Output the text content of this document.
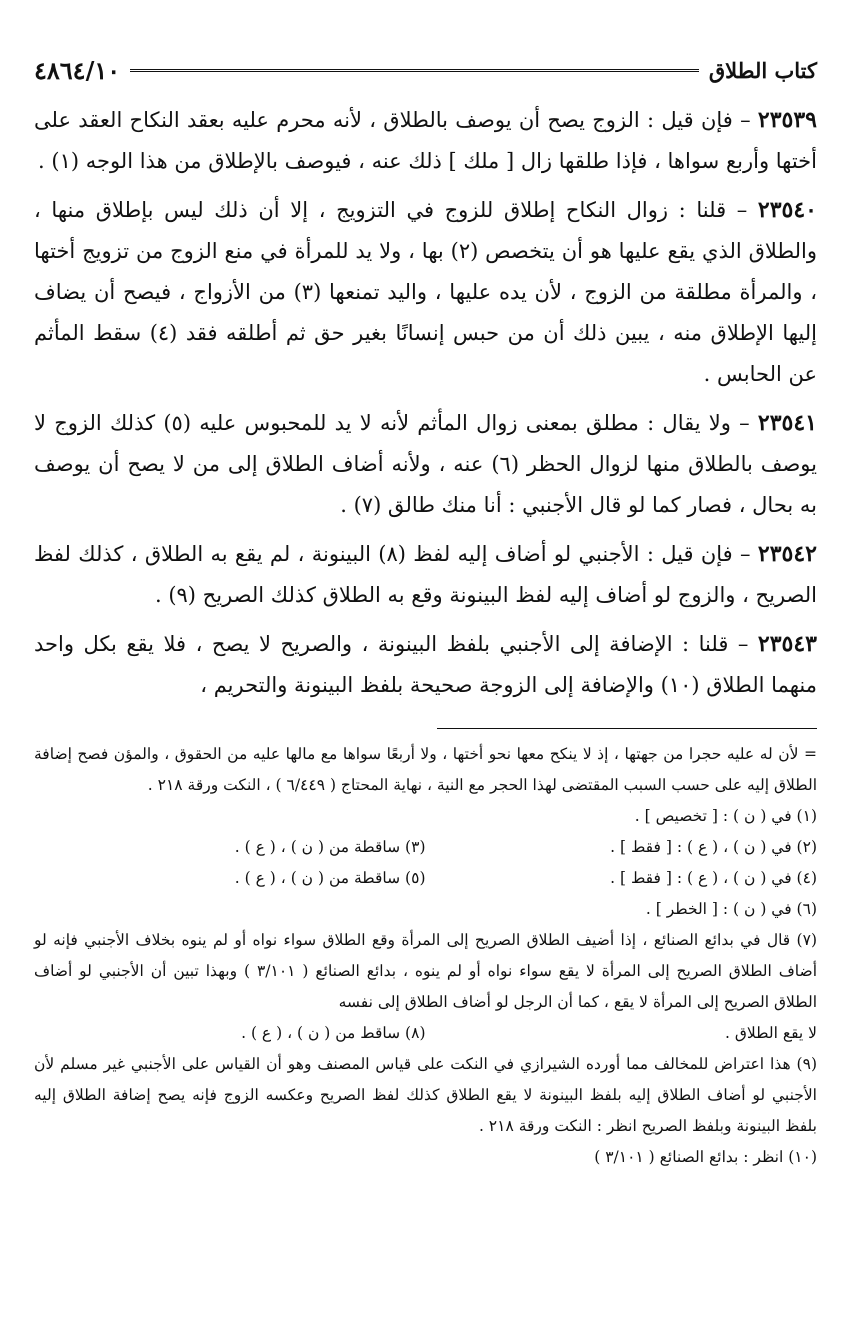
كتاب الطلاق
٤٨٦٤/١٠

٢٣٥٣٩ – فإن قيل : الزوج يصح أن يوصف بالطلاق ، لأنه محرم عليه بعقد النكاح العقد على أختها وأربع سواها ، فإذا طلقها زال [ ملك ] ذلك عنه ، فيوصف بالإطلاق من هذا الوجه (١) .

٢٣٥٤٠ – قلنا : زوال النكاح إطلاق للزوج في التزويج ، إلا أن ذلك ليس بإطلاق منها ، والطلاق الذي يقع عليها هو أن يتخصص (٢) بها ، ولا يد للمرأة في منع الزوج من تزويج أختها ، والمرأة مطلقة من الزوج ، لأن يده عليها ، واليد تمنعها (٣) من الأزواج ، فيصح أن يضاف إليها الإطلاق منه ، يبين ذلك أن من حبس إنسانًا بغير حق ثم أطلقه فقد (٤) سقط المأثم عن الحابس .

٢٣٥٤١ – ولا يقال : مطلق بمعنى زوال المأثم لأنه لا يد للمحبوس عليه (٥) كذلك الزوج لا يوصف بالطلاق منها لزوال الحظر (٦) عنه ، ولأنه أضاف الطلاق إلى من لا يصح أن يوصف به بحال ، فصار كما لو قال الأجنبي : أنا منك طالق (٧) .

٢٣٥٤٢ – فإن قيل : الأجنبي لو أضاف إليه لفظ (٨) البينونة ، لم يقع به الطلاق ، كذلك لفظ الصريح ، والزوج لو أضاف إليه لفظ البينونة وقع به الطلاق كذلك الصريح (٩) .

٢٣٥٤٣ – قلنا : الإضافة إلى الأجنبي بلفظ البينونة ، والصريح لا يصح ، فلا يقع بكل واحد منهما الطلاق (١٠) والإضافة إلى الزوجة صحيحة بلفظ البينونة والتحريم ،

= لأن له عليه حجرا من جهتها ، إذ لا ينكح معها نحو أختها ، ولا أربعًا سواها مع مالها عليه من الحقوق ، والمؤن فصح إضافة الطلاق إليه على حسب السبب المقتضى لهذا الحجر مع النية ، نهاية المحتاج ( ٦/٤٤٩ ) ، النكت ورقة ٢١٨ .

(١) في ( ن ) : [ تخصيص ] .
(٢) في ( ن ) ، ( ع ) : [ فقط ] .
(٣) ساقطة من ( ن ) ، ( ع ) .
(٤) في ( ن ) ، ( ع ) : [ فقط ] .
(٥) ساقطة من ( ن ) ، ( ع ) .
(٦) في ( ن ) : [ الخطر ] .

(٧) قال في بدائع الصنائع ، إذا أضيف الطلاق الصريح إلى المرأة وقع الطلاق سواء نواه أو لم ينوه بخلاف الأجنبي فإنه لو أضاف الطلاق الصريح إلى المرأة لا يقع سواء نواه أو لم ينوه ، بدائع الصنائع ( ٣/١٠١ ) وبهذا تبين أن الأجنبي لو أضاف الطلاق الصريح إلى المرأة لا يقع ، كما أن الرجل لو أضاف الطلاق إلى نفسه

لا يقع الطلاق .
(٨) ساقط من ( ن ) ، ( ع ) .

(٩) هذا اعتراض للمخالف مما أورده الشيرازي في النكت على قياس المصنف وهو أن القياس على الأجنبي غير مسلم لأن الأجنبي لو أضاف الطلاق إليه بلفظ البينونة لا يقع الطلاق كذلك لفظ الصريح وعكسه الزوج فإنه يصح إضافة الطلاق إليه بلفظ البينونة وبلفظ الصريح انظر : النكت ورقة ٢١٨ .

(١٠) انظر : بدائع الصنائع ( ٣/١٠١ )
